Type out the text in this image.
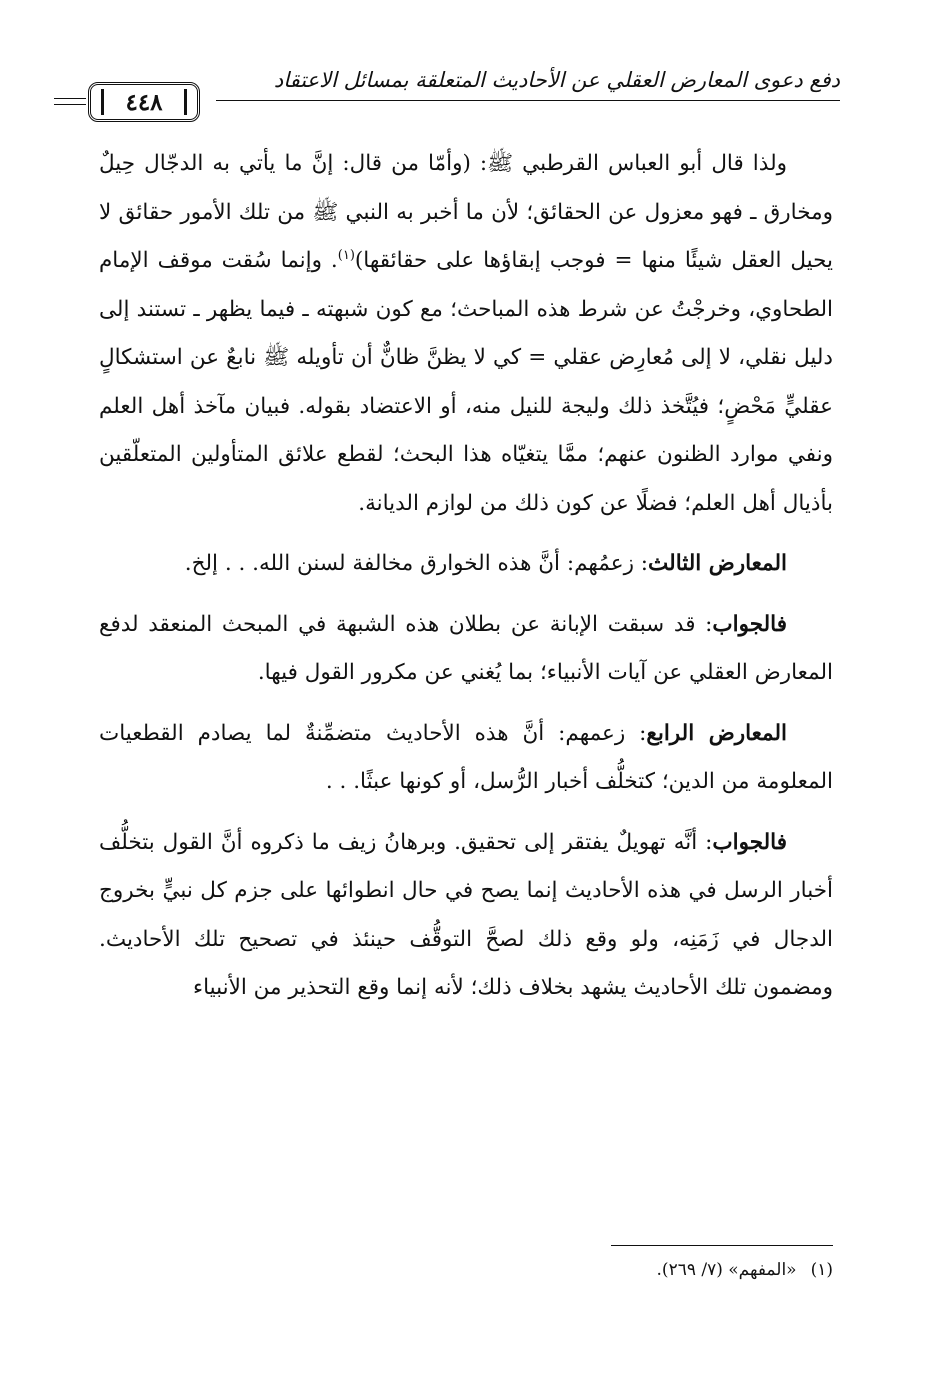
دفع دعوى المعارض العقلي عن الأحاديث المتعلقة بمسائل الاعتقاد
٤٤٨

ولذا قال أبو العباس القرطبي ﷺ: (وأمّا من قال: إنَّ ما يأتي به الدجّال حِيلٌ ومخارق ـ فهو معزول عن الحقائق؛ لأن ما أخبر به النبي ﷺ من تلك الأمور حقائق لا يحيل العقل شيئًا منها = فوجب إبقاؤها على حقائقها)$^{(١)}$. وإنما سُقت موقف الإمام الطحاوي، وخرجْتُ عن شرط هذه المباحث؛ مع كون شبهته ـ فيما يظهر ـ تستند إلى دليل نقلي، لا إلى مُعارِض عقلي = كي لا يظنَّ ظانٌّ أن تأويله ﷺ نابعٌ عن استشكالٍ عقليٍّ مَحْضٍ؛ فيُتَّخذ ذلك وليجة للنيل منه، أو الاعتضاد بقوله. فبيان مآخذ أهل العلم ونفي موارد الظنون عنهم؛ ممَّا يتغيّاه هذا البحث؛ لقطع علائق المتأولين المتعلّقين بأذيال أهل العلم؛ فضلًا عن كون ذلك من لوازم الديانة.

المعارض الثالث: زعمُهم: أنَّ هذه الخوارق مخالفة لسنن الله. . . إلخ.

فالجواب: قد سبقت الإبانة عن بطلان هذه الشبهة في المبحث المنعقد لدفع المعارض العقلي عن آيات الأنبياء؛ بما يُغني عن مكرور القول فيها.

المعارض الرابع: زعمهم: أنَّ هذه الأحاديث متضمِّنةٌ لما يصادم القطعيات المعلومة من الدين؛ كتخلُّف أخبار الرُّسل، أو كونها عبثًا. . .

فالجواب: أنَّه تهويلٌ يفتقر إلى تحقيق. وبرهانُ زيف ما ذكروه أنَّ القول بتخلُّف أخبار الرسل في هذه الأحاديث إنما يصح في حال انطوائها على جزم كل نبيٍّ بخروج الدجال في زَمَنِه، ولو وقع ذلك لصحَّ التوقُّف حينئذ في تصحيح تلك الأحاديث. ومضمون تلك الأحاديث يشهد بخلاف ذلك؛ لأنه إنما وقع التحذير من الأنبياء

(١)«المفهم» (٧/ ٢٦٩).
